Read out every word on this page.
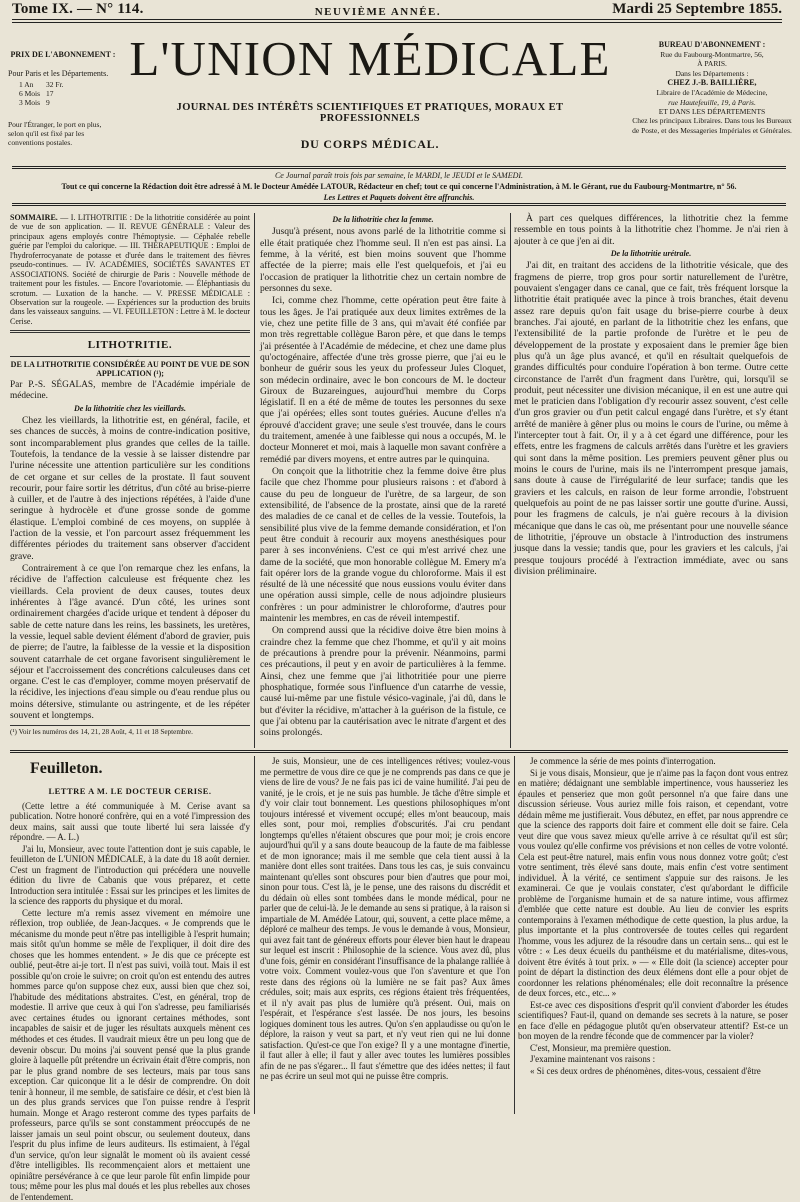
Tome IX. — N° 114.	NEUVIÈME ANNÉE.	Mardi 25 Septembre 1855.
PRIX DE L'ABONNEMENT :
Pour Paris et les Départements.
1 An	32 Fr.
6 Mois	17
3 Mois	9
Pour l'Étranger, le port en plus, selon qu'il est fixé par les conventions postales.
L'UNION MÉDICALE
JOURNAL DES INTÉRÊTS SCIENTIFIQUES ET PRATIQUES, MORAUX ET PROFESSIONNELS
DU CORPS MÉDICAL.
BUREAU D'ABONNEMENT :
Rue du Faubourg-Montmartre, 56,
À PARIS.
Dans les Départements :
CHEZ J.-B. BAILLIÈRE,
Libraire de l'Académie de Médecine,
rue Hautefeuille, 19, à Paris.
ET DANS LES DÉPARTEMENTS
Chez les principaux Libraires. Dans tous les Bureaux de Poste, et des Messageries Impériales et Générales.
Ce Journal paraît trois fois par semaine, le MARDI, le JEUDI et le SAMEDI.
Tout ce qui concerne la Rédaction doit être adressé à M. le Docteur Amédée LATOUR, Rédacteur en chef; tout ce qui concerne l'Administration, à M. le Gérant, rue du Faubourg-Montmartre, n° 56.
Les Lettres et Paquets doivent être affranchis.
SOMMAIRE. — I. LITHOTRITIE : De la lithotritie considérée au point de vue de son application. — II. REVUE GÉNÉRALE : Valeur des principaux agens employés contre l'hémoptysie. — Céphalée rebelle guérie par l'emploi du calorique. — III. THÉRAPEUTIQUE : Emploi de l'hydroferrocyanate de potasse et d'urée dans le traitement des fièvres pseudo-continues. — IV. ACADÉMIES, SOCIÉTÉS SAVANTES ET ASSOCIATIONS. Société de chirurgie de Paris : Nouvelle méthode de traitement pour les fistules. — Encore l'ovariotomie. — Éléphantiasis du scrotum. — Luxation de la hanche. — V. PRESSE MÉDICALE : Observation sur la rougeole. — Expériences sur la production des bruits dans les vaisseaux sanguins. — VI. FEUILLETON : Lettre à M. le docteur Cerise.
LITHOTRITIE.
DE LA LITHOTRITIE CONSIDÉRÉE AU POINT DE VUE DE SON APPLICATION (¹);
Par P.-S. SÉGALAS, membre de l'Académie impériale de médecine.
De la lithotritie chez les vieillards.

Chez les vieillards, la lithotritie est, en général, facile, et ses chances de succès, à moins de contre-indication positive, sont incomparablement plus grandes que celles de la taille. Toutefois, la tendance de la vessie à se laisser distendre par l'urine nécessite une attention particulière sur les conditions de cet organe et sur celles de la prostate. Il faut souvent recourir, pour faire sortir les détritus, d'un côté au brise-pierre à cuiller, et de l'autre à des injections répétées, à l'aide d'une seringue à hydrocèle et d'une grosse sonde de gomme élastique. L'emploi combiné de ces moyens, on supplée à l'action de la vessie, et l'on parcourt assez fréquemment les différentes périodes du traitement sans observer d'accident grave.

Contrairement à ce que l'on remarque chez les enfans, la récidive de l'affection calculeuse est fréquente chez les vieillards. Cela provient de deux causes, toutes deux inhérentes à l'âge avancé. D'un côté, les urines sont ordinairement chargées d'acide urique et tendent à déposer du sable de cette nature dans les reins, les bassinets, les uretères, la vessie, lequel sable devient élément d'abord de gravier, puis de pierre; de l'autre, la faiblesse de la vessie et la disposition souvent catarrhale de cet organe favorisent singulièrement le séjour et l'accroissement des concrétions calculeuses dans cet organe. C'est le cas d'employer, comme moyen préservatif de la récidive, les injections d'eau simple ou d'eau rendue plus ou moins détersive, stimulante ou astringente, et de les répéter souvent et longtemps.

(¹) Voir les numéros des 14, 21, 28 Août, 4, 11 et 18 Septembre.
De la lithotritie chez la femme.

Jusqu'à présent, nous avons parlé de la lithotritie comme si elle était pratiquée chez l'homme seul. Il n'en est pas ainsi. La femme, à la vérité, est bien moins souvent que l'homme affectée de la pierre; mais elle l'est quelquefois, et j'ai eu l'occasion de pratiquer la lithotritie chez un certain nombre de personnes du sexe.

Ici, comme chez l'homme, cette opération peut être faite à tous les âges. Je l'ai pratiquée aux deux limites extrêmes de la vie, chez une petite fille de 3 ans, qui m'avait été confiée par mon très regrettable collègue Baron père, et que dans le temps j'ai présentée à l'Académie de médecine, et chez une dame plus qu'octogénaire, affectée d'une très grosse pierre, que j'ai eu le bonheur de guérir sous les yeux du professeur Jules Cloquet, son médecin ordinaire, avec le bon concours de M. le docteur Giroux de Buzareingues, aujourd'hui membre du Corps législatif. Il en a été de même de toutes les personnes du sexe que j'ai opérées; elles sont toutes guéries. Aucune d'elles n'a éprouvé d'accident grave; une seule s'est trouvée, dans le cours du traitement, amenée à une faiblesse qui nous a occupés, M. le docteur Monneret et moi, mais à laquelle mon savant confrère a remédié par divers moyens, et entre autres par le quinquina.

On conçoit que la lithotritie chez la femme doive être plus facile que chez l'homme pour plusieurs raisons : et d'abord à cause du peu de longueur de l'urètre, de sa largeur, de son extensibilité, de l'absence de la prostate, ainsi que de la rareté des maladies de ce canal et de celles de la vessie. Toutefois, la sensibilité plus vive de la femme demande considération, et l'on peut être conduit à recourir aux moyens anesthésiques pour parer à ses inconvéniens. C'est ce qui m'est arrivé chez une dame de la société, que mon honorable collègue M. Emery m'a fait opérer lors de la grande vogue du chloroforme. Mais il est résulté de là une nécessité que nous eussions voulu éviter dans une opération aussi simple, celle de nous adjoindre plusieurs confrères : un pour administrer le chloroforme, d'autres pour maintenir les membres, en cas de réveil intempestif.

On comprend aussi que la récidive doive être bien moins à craindre chez la femme que chez l'homme, et qu'il y ait moins de précautions à prendre pour la prévenir. Néanmoins, parmi ces précautions, il peut y en avoir de particulières à la femme. Ainsi, chez une femme que j'ai lithotritiée pour une pierre phosphatique, formée sous l'influence d'un catarrhe de vessie, causé lui-même par une fistule vésico-vaginale, j'ai dû, dans le but d'éviter la récidive, m'attacher à la guérison de la fistule, ce que j'ai obtenu par la cautérisation avec le nitrate d'argent et des soins prolongés.

À part ces quelques différences, la lithotritie chez la femme ressemble en tous points à la lithotritie chez l'homme. Je n'ai rien à ajouter à ce que j'en ai dit.

De la lithotritie urétrale.

J'ai dit, en traitant des accidens de la lithotritie vésicale, que des fragmens de pierre, trop gros pour sortir naturellement de l'urètre, pouvaient s'engager dans ce canal, que ce fait, très fréquent lorsque la lithotritie était pratiquée avec la pince à trois branches, était devenu assez rare depuis qu'on fait usage du brise-pierre courbe à deux branches. J'ai ajouté, en parlant de la lithotritie chez les enfans, que l'extensibilité de la partie profonde de l'urètre et le peu de développement de la prostate y exposaient dans le premier âge bien plus qu'à un âge plus avancé, et qu'il en résultait quelquefois de grandes difficultés pour conduire l'opération à bon terme. Outre cette circonstance de l'arrêt d'un fragment dans l'urètre, qui, lorsqu'il se produit, peut nécessiter une division mécanique, il en est une autre qui met le praticien dans l'obligation d'y recourir assez souvent, c'est celle d'un gros gravier ou d'un petit calcul engagé dans l'urètre, et s'y étant arrêté de manière à gêner plus ou moins le cours de l'urine, ou même à l'intercepter tout à fait. Or, il y a à cet égard une différence, pour les effets, entre les fragmens de calculs arrêtés dans l'urètre et les graviers qui sont dans la même position. Les premiers peuvent gêner plus ou moins le cours de l'urine, mais ils ne l'interrompent presque jamais, sans doute à cause de l'irrégularité de leur surface; tandis que les graviers et les calculs, en raison de leur forme arrondie, l'obstruent quelquefois au point de ne pas laisser sortir une goutte d'urine. Aussi, pour les fragmens de calculs, je n'ai guère recours à la division mécanique que dans le cas où, me présentant pour une nouvelle séance de lithotritie, j'éprouve un obstacle à l'introduction des instrumens jusque dans la vessie; tandis que, pour les graviers et les calculs, j'ai presque toujours procédé à l'extraction immédiate, avec ou sans division préliminaire.

Feuilleton.
LETTRE A M. LE DOCTEUR CERISE.

(Cette lettre a été communiquée à M. Cerise avant sa publication. Notre honoré confrère, qui en a voté l'impression des deux mains, sait aussi que toute liberté lui sera laissée d'y répondre. — A. L.)

J'ai lu, Monsieur, avec toute l'attention dont je suis capable, le feuilleton de L'UNION MÉDICALE, à la date du 18 août dernier. C'est un fragment de l'introduction qui précédera une nouvelle édition du livre de Cabanis que vous préparez, et cette Introduction sera intitulée : Essai sur les principes et les limites de la science des rapports du physique et du moral.

Cette lecture m'a remis assez vivement en mémoire une réflexion, trop oubliée, de Jean-Jacques. « Je comprends que le mécanisme du monde peut n'être pas intelligible à l'esprit humain; mais sitôt qu'un homme se mêle de l'expliquer, il doit dire des choses que les hommes entendent. » Je dis que ce précepte est oublié, peut-être ai-je tort. Il n'est pas suivi, voilà tout. Mais il est possible qu'on croie le suivre; on croit qu'on est entendu des autres hommes parce qu'on suppose chez eux, aussi bien que chez soi, l'habitude des méditations abstraites. C'est, en général, trop de modestie. Il arrive que ceux à qui l'on s'adresse, peu familiarisés avec certaines études ou ignorant certaines méthodes, sont incapables de saisir et de juger les résultats auxquels mènent ces méthodes et ces études. Il vaudrait mieux être un peu long que de devenir obscur. Du moins j'ai souvent pensé que la plus grande gloire à laquelle pût prétendre un écrivain était d'être compris, non par le plus grand nombre de ses lecteurs, mais par tous sans exception. Car quiconque lit a le désir de comprendre. On doit tenir à honneur, il me semble, de satisfaire ce désir, et c'est bien là un des plus grands services que l'on puisse rendre à l'esprit humain. Monge et Arago resteront comme des types parfaits de professeurs, parce qu'ils se sont constamment préoccupés de ne laisser jamais un seul point obscur, ou seulement douteux, dans l'esprit du plus infime de leurs auditeurs. Ils estimaient, à l'égal d'un service, qu'on leur signalât le moment où ils avaient cessé d'être intelligibles. Ils recommençaient alors et mettaient une opiniâtre persévérance à ce que leur parole fût enfin limpide pour tous; même pour les plus mal doués et les plus rebelles aux choses de l'entendement.

Je suis, Monsieur, une de ces intelligences rétives; voulez-vous me permettre de vous dire ce que je ne comprends pas dans ce que je viens de lire de vous? Je ne fais pas ici de vaine humilité. J'ai peu de vanité, je le crois, et je ne suis pas humble. Je tâche d'être simple et d'y voir clair tout bonnement. Les questions philosophiques m'ont toujours intéressé et vivement occupé; elles m'ont beaucoup, mais elles sont, pour moi, remplies d'obscurités. J'ai cru pendant longtemps qu'elles n'étaient obscures que pour moi; je crois encore aujourd'hui qu'il y a sans doute beaucoup de la faute de ma faiblesse et de mon ignorance; mais il me semble que cela tient aussi à la manière dont elles sont traitées. Dans tous les cas, je suis convaincu maintenant qu'elles sont obscures pour bien d'autres que pour moi, sinon pour tous. C'est là, je le pense, une des raisons du discrédit et du dédain où elles sont tombées dans le monde médical, pour ne parler que de celui-là. Je le demande au sens si pratique, à la raison si impartiale de M. Amédée Latour, qui, souvent, a cette place même, a déploré ce malheur des temps. Je vous le demande à vous, Monsieur, qui avez fait tant de généreux efforts pour élever bien haut le drapeau sur lequel est inscrit : Philosophie de la science. Vous avez dû, plus d'une fois, gémir en considérant l'insuffisance de la phalange ralliée à votre voix. Comment voulez-vous que l'on s'aventure et que l'on reste dans des régions où la lumière ne se fait pas? Aux âmes crédules, soit; mais aux esprits, ces régions étaient très fréquentées, et il n'y avait pas plus de lumière qu'à présent. Oui, mais on l'espérait, et l'espérance s'est lassée. De nos jours, les besoins logiques dominent tous les autres. Qu'on s'en applaudisse ou qu'on le déplore, la raison y veut sa part, et n'y veut rien qui ne lui donne satisfaction. Qu'est-ce que l'on exige? Il y a une montagne d'inertie, il faut aller à elle; il faut y aller avec toutes les lumières possibles afin de ne pas s'égarer... Il faut s'émettre que des idées nettes; il faut ne pas écrire un seul mot qui ne puisse être compris.

Je commence la série de mes points d'interrogation.

Si je vous disais, Monsieur, que je n'aime pas la façon dont vous entrez en matière; dédaignant une semblable impertinence, vous hausseriez les épaules et penseriez que mon goût personnel n'a que faire dans une discussion sérieuse. Vous auriez mille fois raison, et cependant, votre dédain même me justifierait. Vous débutez, en effet, par nous apprendre ce que la science des rapports doit faire et comment elle doit se faire. Cela veut dire que vous savez mieux qu'elle arrive à ce résultat qu'il est sûr; vous voulez qu'elle confirme vos prévisions et non celles de votre volonté. Cela est peut-être naturel, mais enfin vous nous donnez votre goût; c'est votre sentiment, très élevé sans doute, mais enfin c'est votre sentiment individuel. À la vérité, ce sentiment s'appuie sur des raisons. Je les examinerai. Ce que je voulais constater, c'est qu'abordant le difficile problème de l'organisme humain et de sa nature intime, vous affirmez d'emblée que cette nature est double. Au lieu de convier les esprits contemporains à l'examen méthodique de cette question, la plus ardue, la plus importante et la plus controversée de toutes celles qui regardent l'homme, vous les adjurez de la résoudre dans un certain sens... qui est le vôtre : « Les deux écueils du panthéisme et du matérialisme, dites-vous, doivent être évités à tout prix. » — « Elle doit (la science) accepter pour point de départ la distinction des deux élémens dont elle a pour objet de coordonner les relations phénoménales; elle doit reconnaître la présence de deux forces, etc., etc... »

Est-ce avec ces dispositions d'esprit qu'il convient d'aborder les études scientifiques? Faut-il, quand on demande ses secrets à la nature, se poser en face d'elle en pédagogue plutôt qu'en observateur attentif? Est-ce un bon moyen de la rendre féconde que de commencer par la violer?

C'est, Monsieur, ma première question.

J'examine maintenant vos raisons :

« Si ces deux ordres de phénomènes, dites-vous, cessaient d'être
